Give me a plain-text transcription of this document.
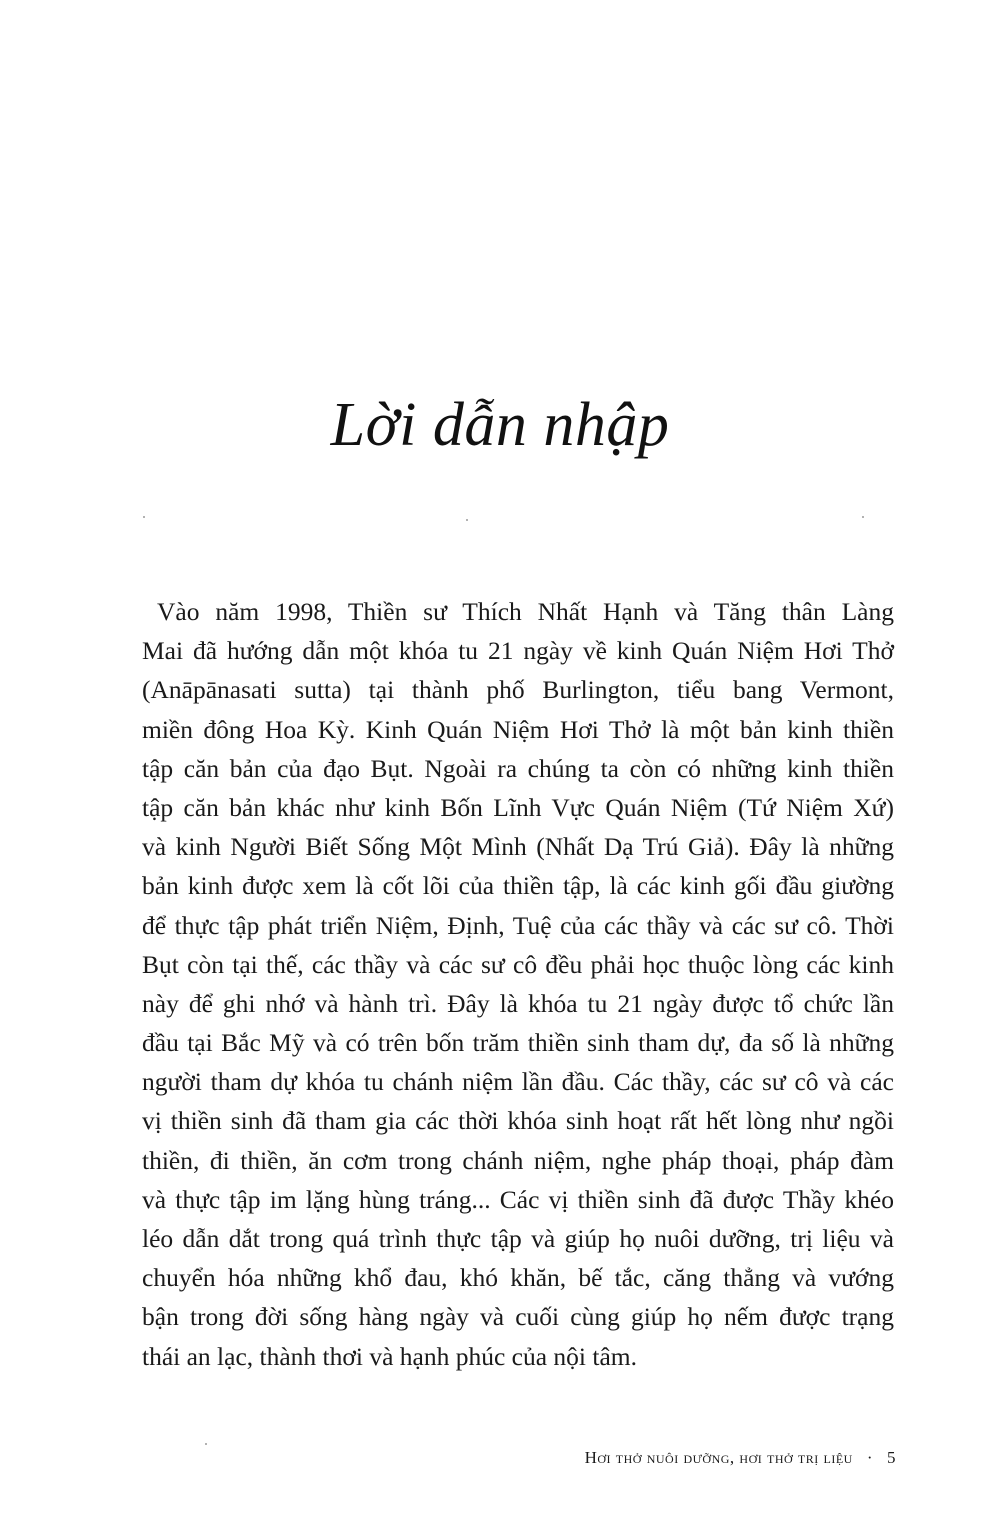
Lời dẫn nhập
Vào năm 1998, Thiền sư Thích Nhất Hạnh và Tăng thân Làng
Mai đã hướng dẫn một khóa tu 21 ngày về kinh Quán Niệm Hơi Thở
(Anāpānasati sutta) tại thành phố Burlington, tiểu bang Vermont,
miền đông Hoa Kỳ. Kinh Quán Niệm Hơi Thở là một bản kinh thiền
tập căn bản của đạo Bụt. Ngoài ra chúng ta còn có những kinh thiền
tập căn bản khác như kinh Bốn Lĩnh Vực Quán Niệm (Tứ Niệm Xứ)
và kinh Người Biết Sống Một Mình (Nhất Dạ Trú Giả). Đây là những
bản kinh được xem là cốt lõi của thiền tập, là các kinh gối đầu giường
để thực tập phát triển Niệm, Định, Tuệ của các thầy và các sư cô. Thời
Bụt còn tại thế, các thầy và các sư cô đều phải học thuộc lòng các kinh
này để ghi nhớ và hành trì. Đây là khóa tu 21 ngày được tổ chức lần
đầu tại Bắc Mỹ và có trên bốn trăm thiền sinh tham dự, đa số là những
người tham dự khóa tu chánh niệm lần đầu. Các thầy, các sư cô và các
vị thiền sinh đã tham gia các thời khóa sinh hoạt rất hết lòng như ngồi
thiền, đi thiền, ăn cơm trong chánh niệm, nghe pháp thoại, pháp đàm
và thực tập im lặng hùng tráng... Các vị thiền sinh đã được Thầy khéo
léo dẫn dắt trong quá trình thực tập và giúp họ nuôi dưỡng, trị liệu và
chuyển hóa những khổ đau, khó khăn, bế tắc, căng thẳng và vướng
bận trong đời sống hàng ngày và cuối cùng giúp họ nếm được trạng
thái an lạc, thành thơi và hạnh phúc của nội tâm.
Hơi thở nuôi dưỡng, hơi thở trị liệu · 5
